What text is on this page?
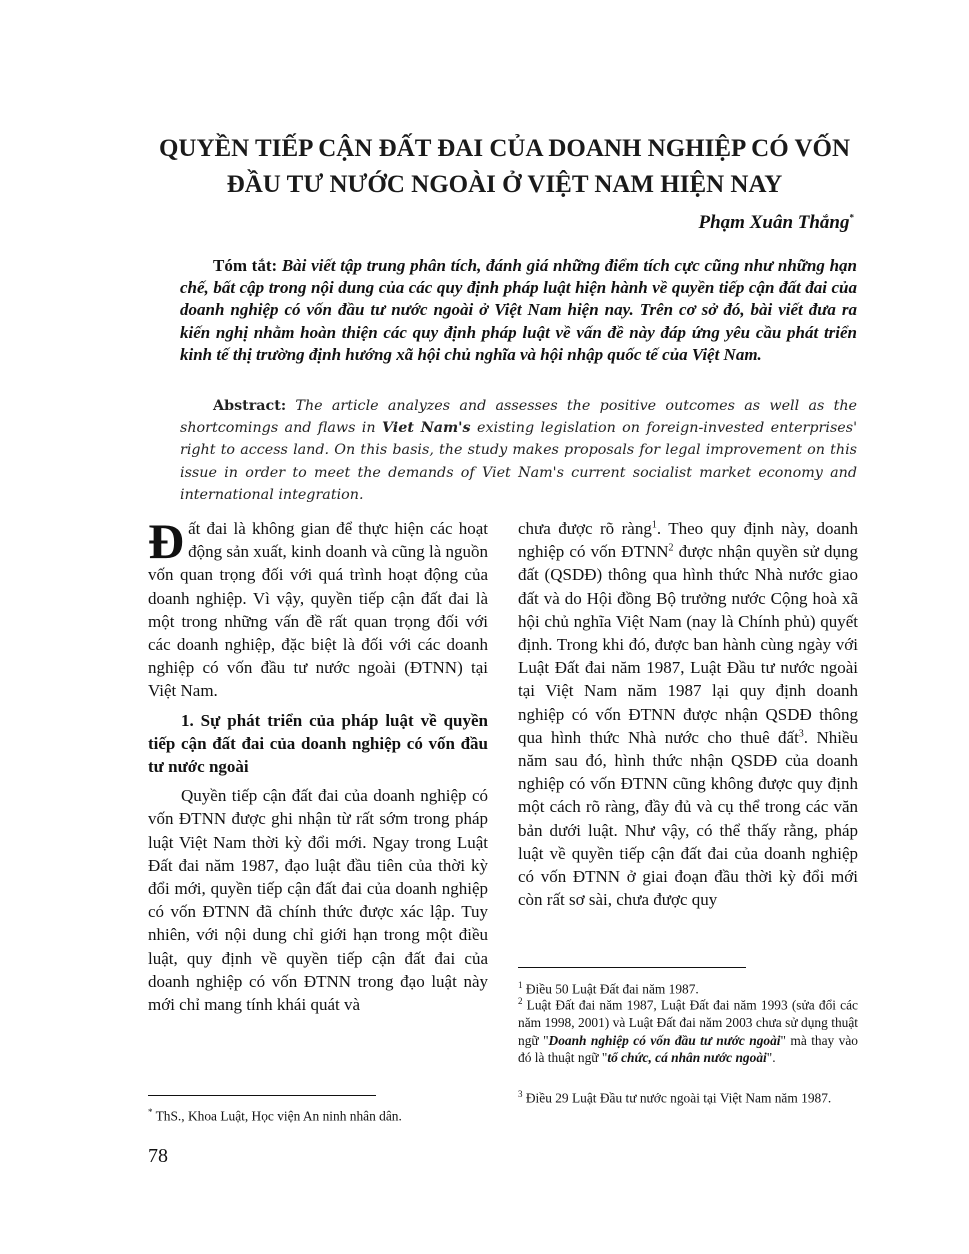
QUYỀN TIẾP CẬN ĐẤT ĐAI CỦA DOANH NGHIỆP CÓ VỐN
ĐẦU TƯ NƯỚC NGOÀI Ở VIỆT NAM HIỆN NAY
Phạm Xuân Thắng*
Tóm tắt: Bài viết tập trung phân tích, đánh giá những điểm tích cực cũng như những hạn chế, bất cập trong nội dung của các quy định pháp luật hiện hành về quyền tiếp cận đất đai của doanh nghiệp có vốn đầu tư nước ngoài ở Việt Nam hiện nay. Trên cơ sở đó, bài viết đưa ra kiến nghị nhằm hoàn thiện các quy định pháp luật về vấn đề này đáp ứng yêu cầu phát triển kinh tế thị trường định hướng xã hội chủ nghĩa và hội nhập quốc tế của Việt Nam.
Abstract: The article analyzes and assesses the positive outcomes as well as the shortcomings and flaws in Viet Nam's existing legislation on foreign-invested enterprises' right to access land. On this basis, the study makes proposals for legal improvement on this issue in order to meet the demands of Viet Nam's current socialist market economy and international integration.

Đất đai là không gian để thực hiện các hoạt động sản xuất, kinh doanh và cũng là nguồn vốn quan trọng đối với quá trình hoạt động của doanh nghiệp. Vì vậy, quyền tiếp cận đất đai là một trong những vấn đề rất quan trọng đối với các doanh nghiệp, đặc biệt là đối với các doanh nghiệp có vốn đầu tư nước ngoài (ĐTNN) tại Việt Nam.

1. Sự phát triển của pháp luật về quyền tiếp cận đất đai của doanh nghiệp có vốn đầu tư nước ngoài

Quyền tiếp cận đất đai của doanh nghiệp có vốn ĐTNN được ghi nhận từ rất sớm trong pháp luật Việt Nam thời kỳ đổi mới. Ngay trong Luật Đất đai năm 1987, đạo luật đầu tiên của thời kỳ đổi mới, quyền tiếp cận đất đai của doanh nghiệp có vốn ĐTNN đã chính thức được xác lập. Tuy nhiên, với nội dung chỉ giới hạn trong một điều luật, quy định về quyền tiếp cận đất đai của doanh nghiệp có vốn ĐTNN trong đạo luật này mới chỉ mang tính khái quát và

chưa được rõ ràng$^1$. Theo quy định này, doanh nghiệp có vốn ĐTNN$^2$ được nhận quyền sử dụng đất (QSDĐ) thông qua hình thức Nhà nước giao đất và do Hội đồng Bộ trưởng nước Cộng hoà xã hội chủ nghĩa Việt Nam (nay là Chính phủ) quyết định. Trong khi đó, được ban hành cùng ngày với Luật Đất đai năm 1987, Luật Đầu tư nước ngoài tại Việt Nam năm 1987 lại quy định doanh nghiệp có vốn ĐTNN được nhận QSDĐ thông qua hình thức Nhà nước cho thuê đất$^3$. Nhiều năm sau đó, hình thức nhận QSDĐ của doanh nghiệp có vốn ĐTNN cũng không được quy định một cách rõ ràng, đầy đủ và cụ thể trong các văn bản dưới luật. Như vậy, có thể thấy rằng, pháp luật về quyền tiếp cận đất đai của doanh nghiệp có vốn ĐTNN ở giai đoạn đầu thời kỳ đổi mới còn rất sơ sài, chưa được quy

* ThS., Khoa Luật, Học viện An ninh nhân dân.
$^1$ Điều 50 Luật Đất đai năm 1987.
$^2$ Luật Đất đai năm 1987, Luật Đất đai năm 1993 (sửa đổi các năm 1998, 2001) và Luật Đất đai năm 2003 chưa sử dụng thuật ngữ "Doanh nghiệp có vốn đầu tư nước ngoài" mà thay vào đó là thuật ngữ "tổ chức, cá nhân nước ngoài".
$^3$ Điều 29 Luật Đầu tư nước ngoài tại Việt Nam năm 1987.
78
